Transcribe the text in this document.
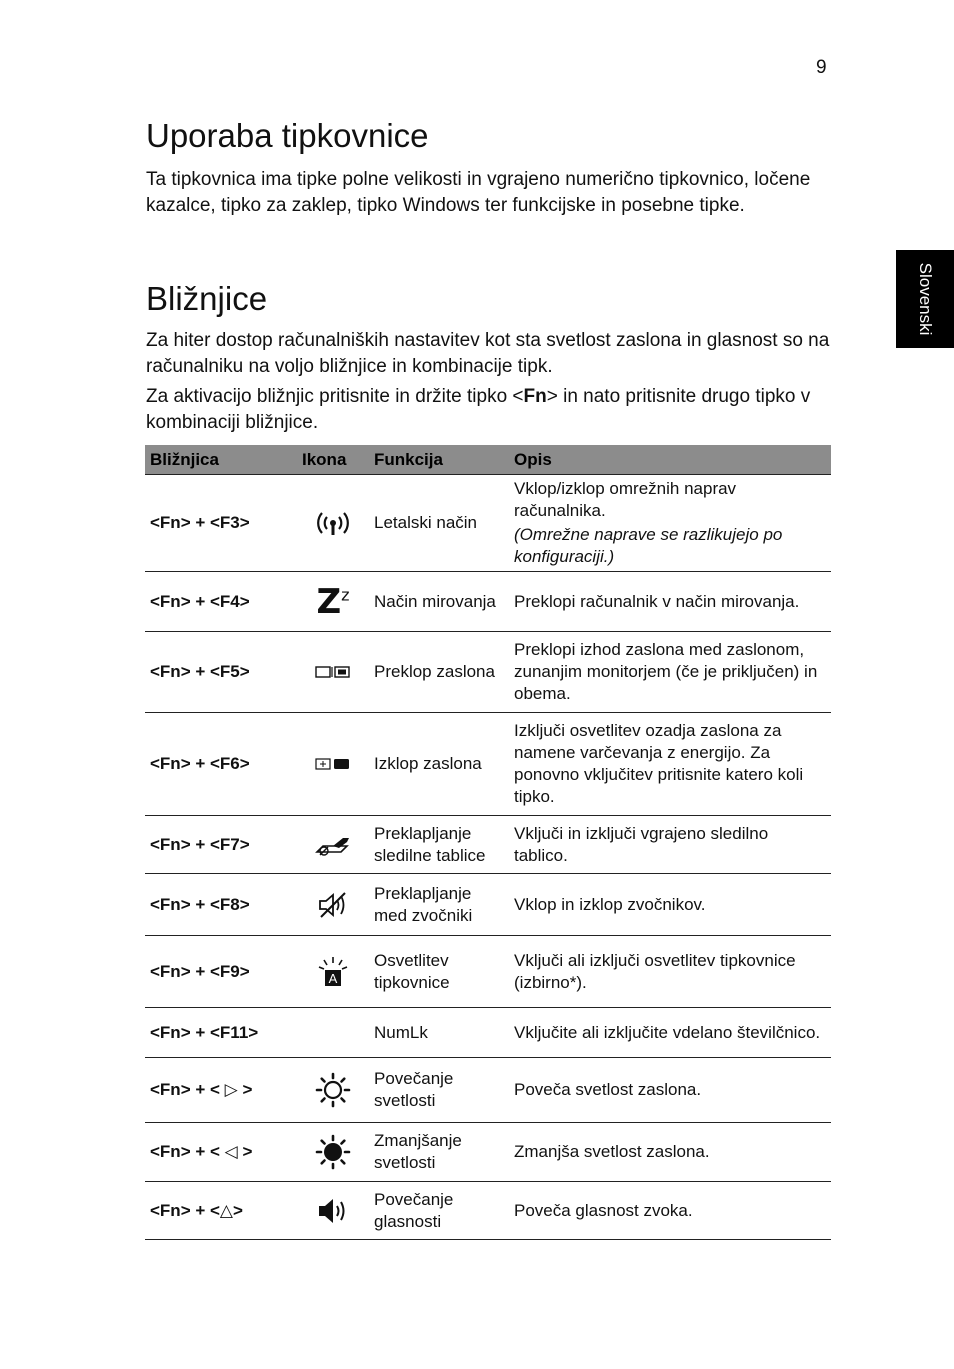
9
Slovenski
Uporaba tipkovnice

Ta tipkovnica ima tipke polne velikosti in vgrajeno numerično tipkovnico, ločene kazalce, tipko za zaklep, tipko Windows ter funkcijske in posebne tipke.

Bližnjice

Za hiter dostop računalniških nastavitev kot sta svetlost zaslona in glasnost so na računalniku na voljo bližnjice in kombinacije tipk.

Za aktivacijo bližnjic pritisnite in držite tipko <Fn> in nato pritisnite drugo tipko v kombinaciji bližnjice.

Bližnjica	Ikona	Funkcija	Opis
<Fn> + <F3>		Letalski način	Vklop/izklop omrežnih naprav računalnika.
(Omrežne naprave se razlikujejo po konfiguraciji.)

<Fn> + <F4>	$Z^z$	Način mirovanja	Preklopi računalnik v način mirovanja.
<Fn> + <F5>		Preklop zaslona	Preklopi izhod zaslona med zaslonom, zunanjim monitorjem (če je priključen) in obema.
<Fn> + <F6>		Izklop zaslona	Izključi osvetlitev ozadja zaslona za namene varčevanja z energijo. Za ponovno vključitev pritisnite katero koli tipko.
<Fn> + <F7>		Preklapljanje sledilne tablice	Vključi in izključi vgrajeno sledilno tablico.
<Fn> + <F8>		Preklapljanje med zvočniki	Vklop in izklop zvočnikov.
<Fn> + <F9>	A	Osvetlitev tipkovnice	Vključi ali izključi osvetlitev tipkovnice (izbirno*).
<Fn> + <F11>		NumLk	Vključite ali izključite vdelano številčnico.
<Fn> + < ▷ >		Povečanje svetlosti	Poveča svetlost zaslona.
<Fn> + < ◁ >		Zmanjšanje svetlosti	Zmanjša svetlost zaslona.
<Fn> + <△>		Povečanje glasnosti	Poveča glasnost zvoka.
